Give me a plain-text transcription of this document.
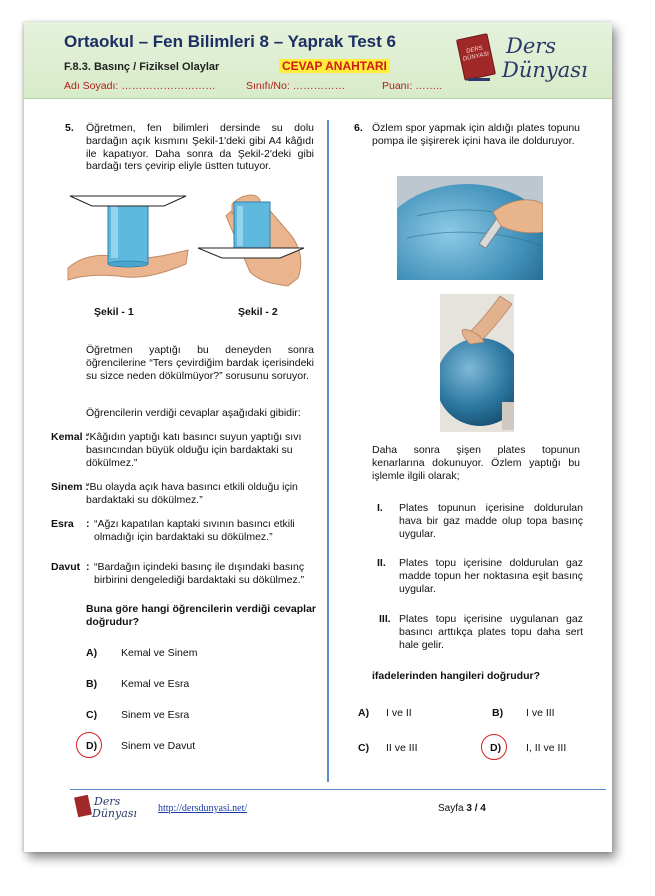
Ortaokul – Fen Bilimleri 8 – Yaprak Test 6
F.8.3. Basınç / Fiziksel Olaylar	CEVAP ANAHTARI
Adı Soyadı: ………………………	Sınıfı/No: ……………	Puanı: ……..
DERS DÜNYASI Ders
Dünyası
5. Öğretmen, fen bilimleri dersinde su dolu bardağın açık kısmını Şekil-1'deki gibi A4 kâğıdı ile kapatıyor. Daha sonra da Şekil-2'deki gibi bardağı ters çevirip eliyle üstten tutuyor.
Şekil - 1	Şekil - 2
Öğretmen yaptığı bu deneyden sonra öğrencilerine “Ters çevirdiğim bardak içerisindeki su sizce neden dökülmüyor?” sorusunu soruyor.
Öğrencilerin verdiği cevaplar aşağıdaki gibidir:
Kemal :
“Kâğıdın yaptığı katı basıncı suyun yaptığı sıvı basıncından büyük olduğu için bardaktaki su dökülmez.”
Sinem :
“Bu olayda açık hava basıncı etkili olduğu için bardaktaki su dökülmez.”
Esra : “Ağzı kapatılan kaptaki sıvının basıncı etkili olmadığı için bardaktaki su dökülmez.”
Davut : “Bardağın içindeki basınç ile dışındaki basınç birbirini dengelediği bardaktaki su dökülmez.”
Buna göre hangi öğrencilerin verdiği cevaplar doğrudur?
A) Kemal ve Sinem
B) Kemal ve Esra
C) Sinem ve Esra
D) Sinem ve Davut
6. Özlem spor yapmak için aldığı plates topunu pompa ile şişirerek içini hava ile dolduruyor.
Daha sonra şişen plates topunun kenarlarına dokunuyor. Özlem yaptığı bu işlemle ilgili olarak;
I. Plates topunun içerisine doldurulan hava bir gaz madde olup topa basınç uygular.
II. Plates topu içerisine doldurulan gaz madde topun her noktasına eşit basınç uygular.
III. Plates topu içerisine uygulanan gaz basıncı arttıkça plates topu daha sert hale gelir.
ifadelerinden hangileri doğrudur?
A) I ve II	B) I ve III
C) II ve III	D) I, II ve III
Ders
Dünyası http://dersdunyasi.net/	Sayfa 3 / 4
